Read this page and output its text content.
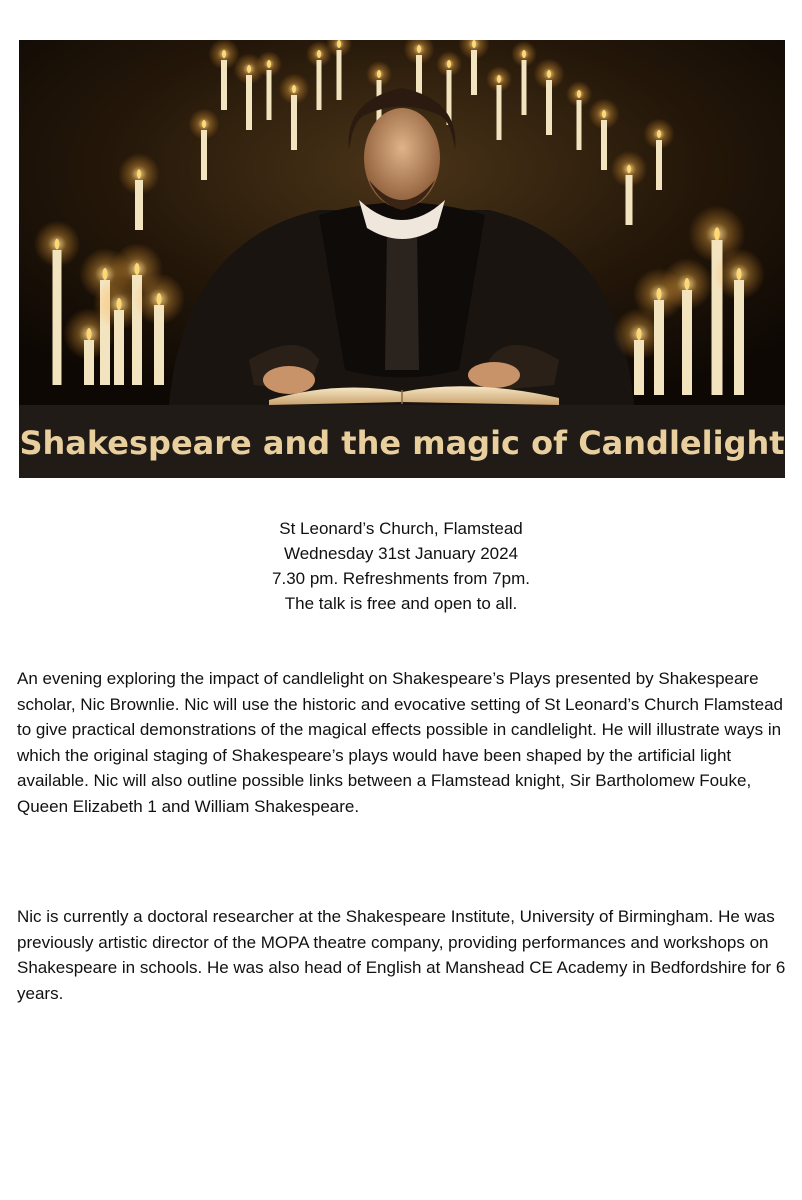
Shakespeare and the magic of Candlelight
St Leonard’s Church, Flamstead
Wednesday 31st January 2024
7.30 pm. Refreshments from 7pm.
The talk is free and open to all.

An evening exploring the impact of candlelight on Shakespeare’s Plays presented by Shakespeare scholar, Nic Brownlie. Nic will use the historic and evocative setting of St Leonard’s Church Flamstead to give practical demonstrations of the magical effects possible in candlelight. He will illustrate ways in which the original staging of Shakespeare’s plays would have been shaped by the artificial light available. Nic will also outline possible links between a Flamstead knight, Sir Bartholomew Fouke, Queen Elizabeth 1 and William Shakespeare.

Nic is currently a doctoral researcher at the Shakespeare Institute, University of Birmingham. He was previously artistic director of the MOPA theatre company, providing performances and workshops on Shakespeare in schools. He was also head of English at Manshead CE Academy in Bedfordshire for 6 years.
